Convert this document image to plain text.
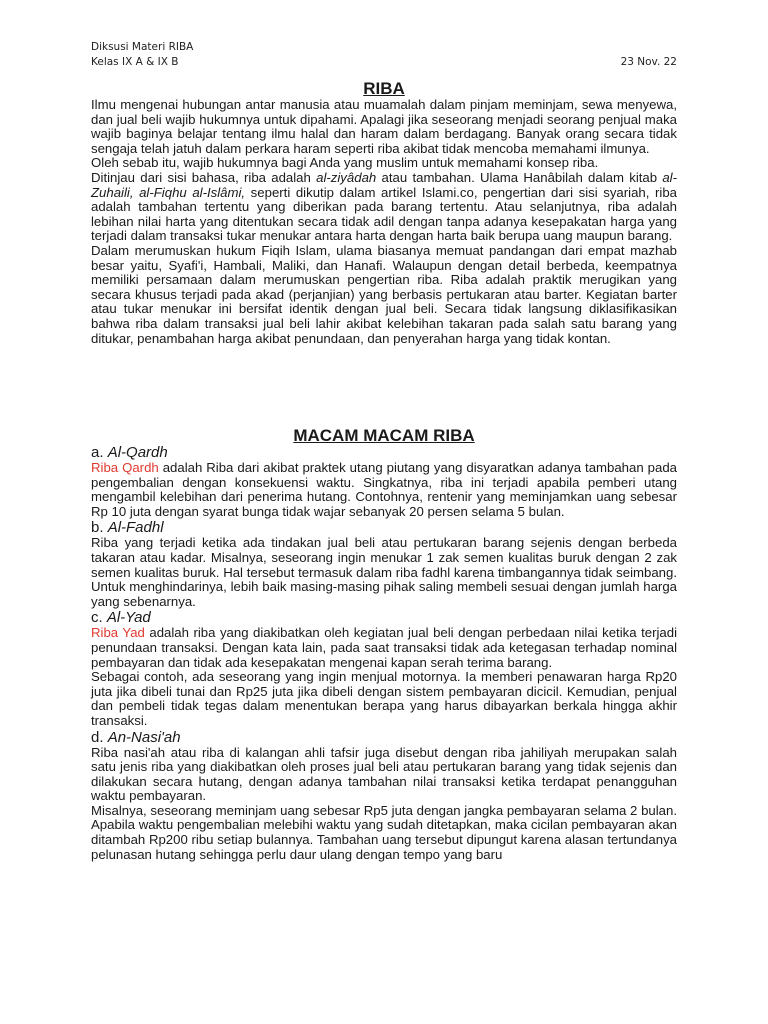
Diksusi Materi RIBA
Kelas IX A & IX B	23 Nov. 22
RIBA

Ilmu mengenai hubungan antar manusia atau muamalah dalam pinjam meminjam, sewa menyewa, dan jual beli wajib hukumnya untuk dipahami. Apalagi jika seseorang menjadi seorang penjual maka wajib baginya belajar tentang ilmu halal dan haram dalam berdagang. Banyak orang secara tidak sengaja telah jatuh dalam perkara haram seperti riba akibat tidak mencoba memahami ilmunya.

Oleh sebab itu, wajib hukumnya bagi Anda yang muslim untuk memahami konsep riba.

Ditinjau dari sisi bahasa, riba adalah al-ziyâdah atau tambahan. Ulama Hanâbilah dalam kitab al-Zuhaili, al-Fiqhu al-Islâmi, seperti dikutip dalam artikel Islami.co, pengertian dari sisi syariah, riba adalah tambahan tertentu yang diberikan pada barang tertentu. Atau selanjutnya, riba adalah lebihan nilai harta yang ditentukan secara tidak adil dengan tanpa adanya kesepakatan harga yang terjadi dalam transaksi tukar menukar antara harta dengan harta baik berupa uang maupun barang.

Dalam merumuskan hukum Fiqih Islam, ulama biasanya memuat pandangan dari empat mazhab besar yaitu, Syafi'i, Hambali, Maliki, dan Hanafi. Walaupun dengan detail berbeda, keempatnya memiliki persamaan dalam merumuskan pengertian riba. Riba adalah praktik merugikan yang secara khusus terjadi pada akad (perjanjian) yang berbasis pertukaran atau barter. Kegiatan barter atau tukar menukar ini bersifat identik dengan jual beli. Secara tidak langsung diklasifikasikan bahwa riba dalam transaksi jual beli lahir akibat kelebihan takaran pada salah satu barang yang ditukar, penambahan harga akibat penundaan, dan penyerahan harga yang tidak kontan.

MACAM MACAM RIBA

a. Al-Qardh

Riba Qardh adalah Riba dari akibat praktek utang piutang yang disyaratkan adanya tambahan pada pengembalian dengan konsekuensi waktu. Singkatnya, riba ini terjadi apabila pemberi utang mengambil kelebihan dari penerima hutang. Contohnya, rentenir yang meminjamkan uang sebesar Rp 10 juta dengan syarat bunga tidak wajar sebanyak 20 persen selama 5 bulan.

b. Al-Fadhl

Riba yang terjadi ketika ada tindakan jual beli atau pertukaran barang sejenis dengan berbeda takaran atau kadar. Misalnya, seseorang ingin menukar 1 zak semen kualitas buruk dengan 2 zak semen kualitas buruk. Hal tersebut termasuk dalam riba fadhl karena timbangannya tidak seimbang. Untuk menghindarinya, lebih baik masing-masing pihak saling membeli sesuai dengan jumlah harga yang sebenarnya.

c. Al-Yad

Riba Yad adalah riba yang diakibatkan oleh kegiatan jual beli dengan perbedaan nilai ketika terjadi penundaan transaksi. Dengan kata lain, pada saat transaksi tidak ada ketegasan terhadap nominal pembayaran dan tidak ada kesepakatan mengenai kapan serah terima barang.

Sebagai contoh, ada seseorang yang ingin menjual motornya. Ia memberi penawaran harga Rp20 juta jika dibeli tunai dan Rp25 juta jika dibeli dengan sistem pembayaran dicicil. Kemudian, penjual dan pembeli tidak tegas dalam menentukan berapa yang harus dibayarkan berkala hingga akhir transaksi.

d. An-Nasi'ah

Riba nasi'ah atau riba di kalangan ahli tafsir juga disebut dengan riba jahiliyah merupakan salah satu jenis riba yang diakibatkan oleh proses jual beli atau pertukaran barang yang tidak sejenis dan dilakukan secara hutang, dengan adanya tambahan nilai transaksi ketika terdapat penangguhan waktu pembayaran.

Misalnya, seseorang meminjam uang sebesar Rp5 juta dengan jangka pembayaran selama 2 bulan. Apabila waktu pengembalian melebihi waktu yang sudah ditetapkan, maka cicilan pembayaran akan ditambah Rp200 ribu setiap bulannya. Tambahan uang tersebut dipungut karena alasan tertundanya pelunasan hutang sehingga perlu daur ulang dengan tempo yang baru
